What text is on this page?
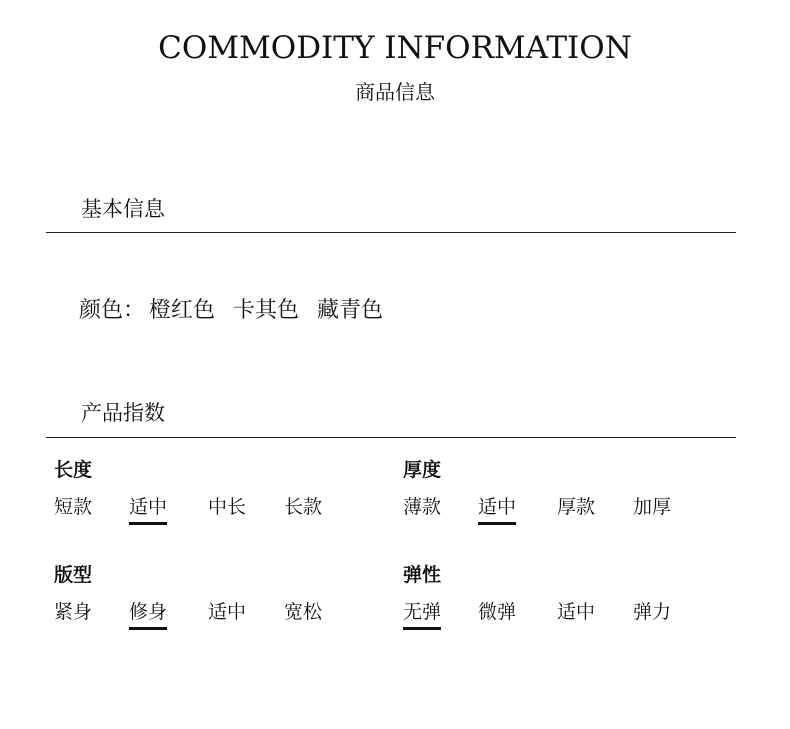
COMMODITY INFORMATION
商品信息
基本信息
颜色： 橙红色 卡其色 藏青色
产品指数
长度
短款 适中 中长 长款
厚度
薄款 适中 厚款 加厚
版型
紧身 修身 适中 宽松
弹性
无弹 微弹 适中 弹力
